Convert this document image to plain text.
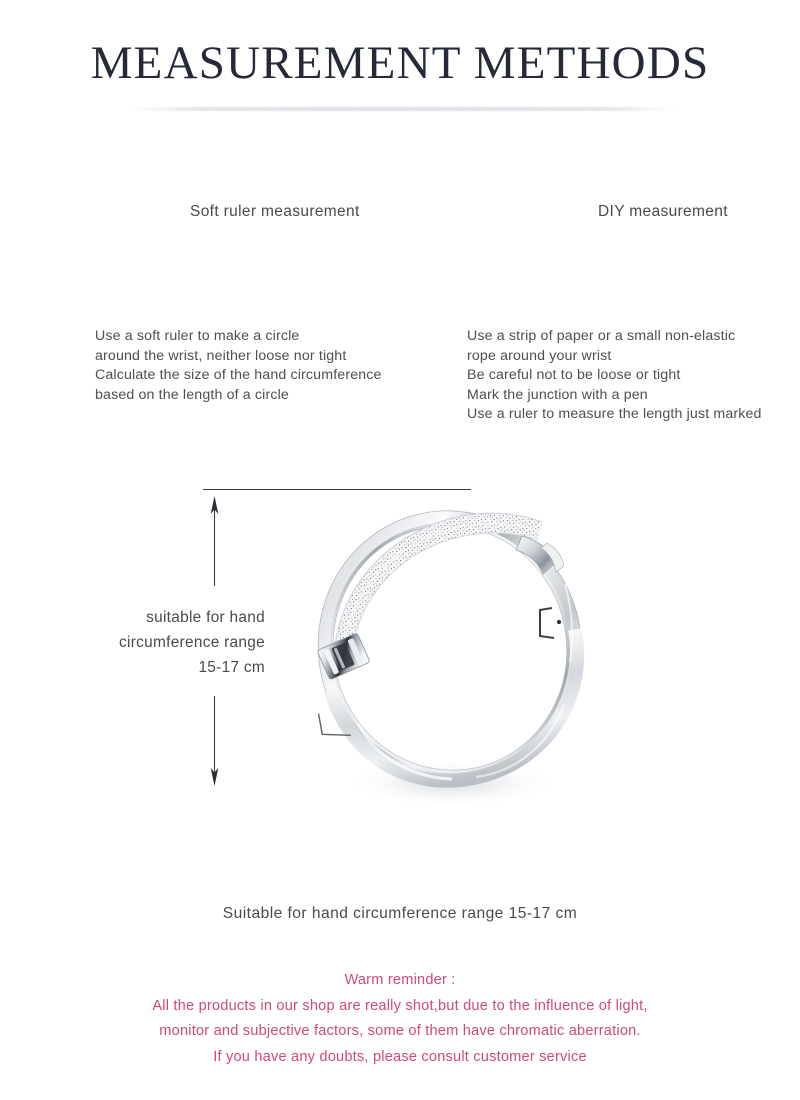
MEASUREMENT METHODS
Soft ruler measurement	DIY measurement
Use a soft ruler to make a circle
around the wrist, neither loose nor tight
Calculate the size of the hand circumference
based on the length of a circle
Use a strip of paper or a small non-elastic
rope around your wrist
Be careful not to be loose or tight
Mark the junction with a pen
Use a ruler to measure the length just marked
suitable for hand
circumference range
15-17 cm
Suitable for hand circumference range 15-17 cm
Warm reminder :
All the products in our shop are really shot,but due to the influence of light,
monitor and subjective factors, some of them have chromatic aberration.
If you have any doubts, please consult customer service
